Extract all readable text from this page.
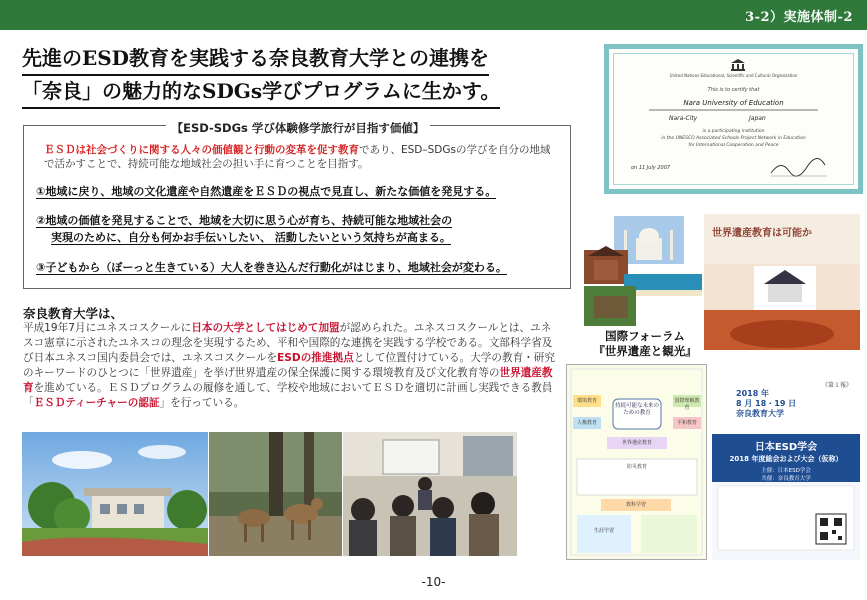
3-2）実施体制-2
先進のESD教育を実践する奈良教育大学との連携を
「奈良」の魅力的なSDGs学びプログラムに生かす。
【ESD-SDGs 学び体験修学旅行が目指す価値】
ＥＳＤは社会づくりに関する人々の価値観と行動の変革を促す教育であり、ESD–SDGsの学びを自分の地域で活かすことで、持続可能な地域社会の担い手に育つことを目指す。
①地域に戻り、地域の文化遺産や自然遺産をＥＳＤの視点で見直し、新たな価値を発見する。
②地域の価値を発見することで、地域を大切に思う心が育ち、持続可能な地域社会の
実現のために、自分も何かお手伝いしたい、 活動したいという気持ちが高まる。
③子どもから（ぼーっと生きている）大人を巻き込んだ行動化がはじまり、地域社会が変わる。
奈良教育大学は、
平成19年7月にユネスコスクールに日本の大学としてはじめて加盟が認められた。ユネスコスクールとは、ユネスコ憲章に示されたユネスコの理念を実現するため、平和や国際的な連携を実践する学校である。文部科学省及び日本ユネスコ国内委員会では、ユネスコスクールをESDの推進拠点として位置付けている。大学の教育・研究のキーワードのひとつに「世界遺産」を挙げ世界遺産の保全保護に関する環境教育及び文化教育等の世界遺産教育を進めている。ＥＳＤプログラムの履修を通して、学校や地域においてＥＳＤを適切に計画し実践できる教員「ＥＳＤティーチャーの認証」を行っている。
United Nations Educational, Scientific and Cultural Organization
This is to certify that
Nara University of Education
Nara-City	Japan
is a participating institution
in the UNESCO Associated Schools Project Network in Education
for International Cooperation and Peace
on 11 July 2007
世界遺産教育は可能か
国際フォーラム
『世界遺産と観光』
持続可能な未来のための教育
環境教育	国際理解教育
人権教育	平和教育
世界遺産教育
防災教育
教科学習
生涯学習
《第１報》
2018 年
8 月 18・19 日
奈良教育大学
日本ESD学会
2018 年度総会および大会（仮称）
主催：日本ESD学会
共催：奈良教育大学
-10-
